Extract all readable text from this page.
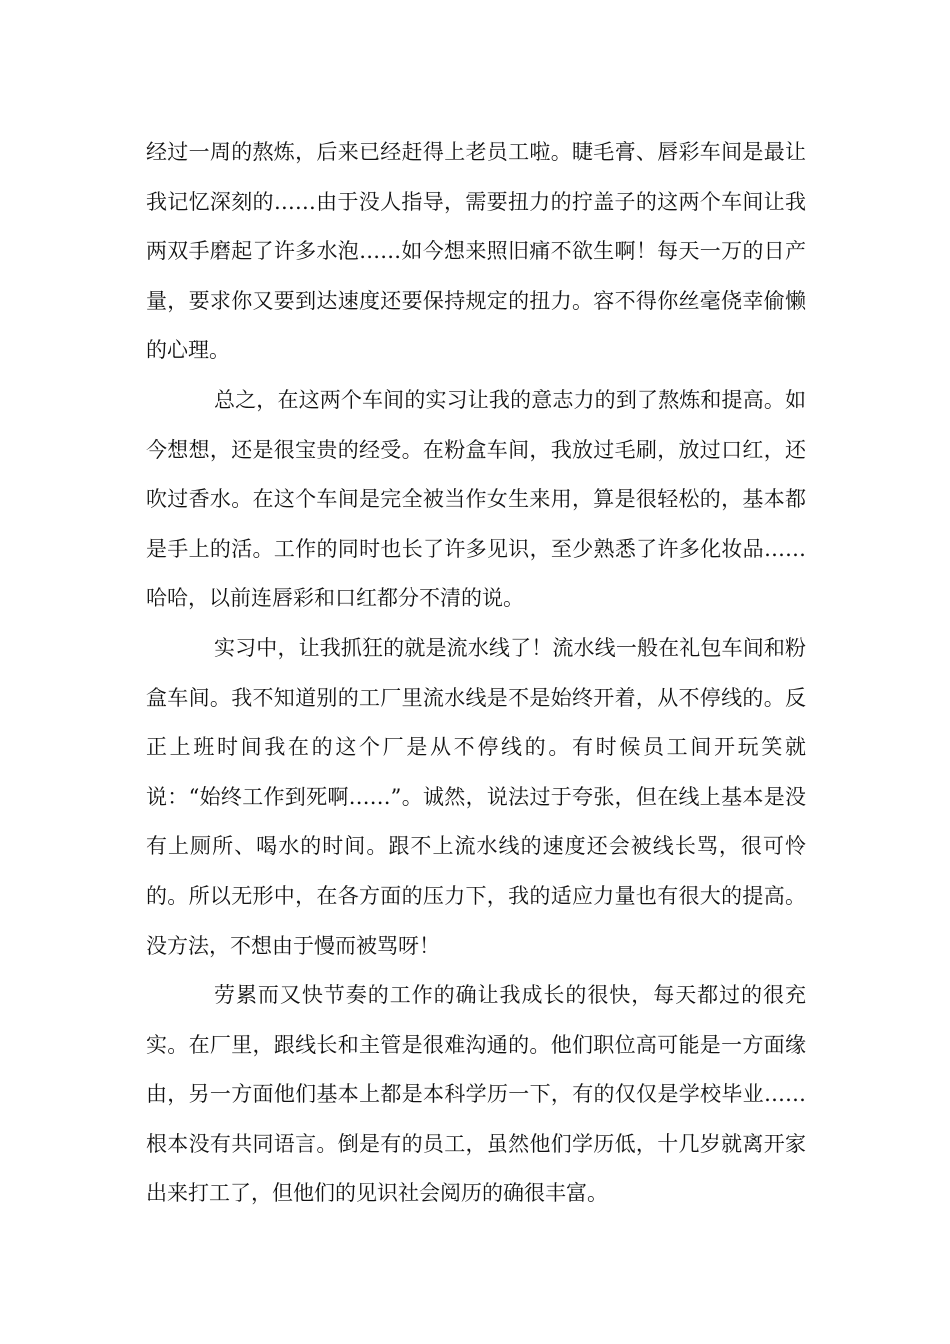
经过一周的熬炼，后来已经赶得上老员工啦。睫毛膏、唇彩车间是最让我记忆深刻的……由于没人指导，需要扭力的拧盖子的这两个车间让我两双手磨起了许多水泡……如今想来照旧痛不欲生啊！每天一万的日产量，要求你又要到达速度还要保持规定的扭力。容不得你丝毫侥幸偷懒的心理。

总之，在这两个车间的实习让我的意志力的到了熬炼和提高。如今想想，还是很宝贵的经受。在粉盒车间，我放过毛刷，放过口红，还吹过香水。在这个车间是完全被当作女生来用，算是很轻松的，基本都是手上的活。工作的同时也长了许多见识，至少熟悉了许多化妆品……哈哈，以前连唇彩和口红都分不清的说。

实习中，让我抓狂的就是流水线了！流水线一般在礼包车间和粉盒车间。我不知道别的工厂里流水线是不是始终开着，从不停线的。反正上班时间我在的这个厂是从不停线的。有时候员工间开玩笑就说：“始终工作到死啊……”。诚然，说法过于夸张，但在线上基本是没有上厕所、喝水的时间。跟不上流水线的速度还会被线长骂，很可怜的。所以无形中，在各方面的压力下，我的适应力量也有很大的提高。没方法，不想由于慢而被骂呀！

劳累而又快节奏的工作的确让我成长的很快，每天都过的很充实。在厂里，跟线长和主管是很难沟通的。他们职位高可能是一方面缘由，另一方面他们基本上都是本科学历一下，有的仅仅是学校毕业……根本没有共同语言。倒是有的员工，虽然他们学历低，十几岁就离开家出来打工了，但他们的见识社会阅历的确很丰富。
